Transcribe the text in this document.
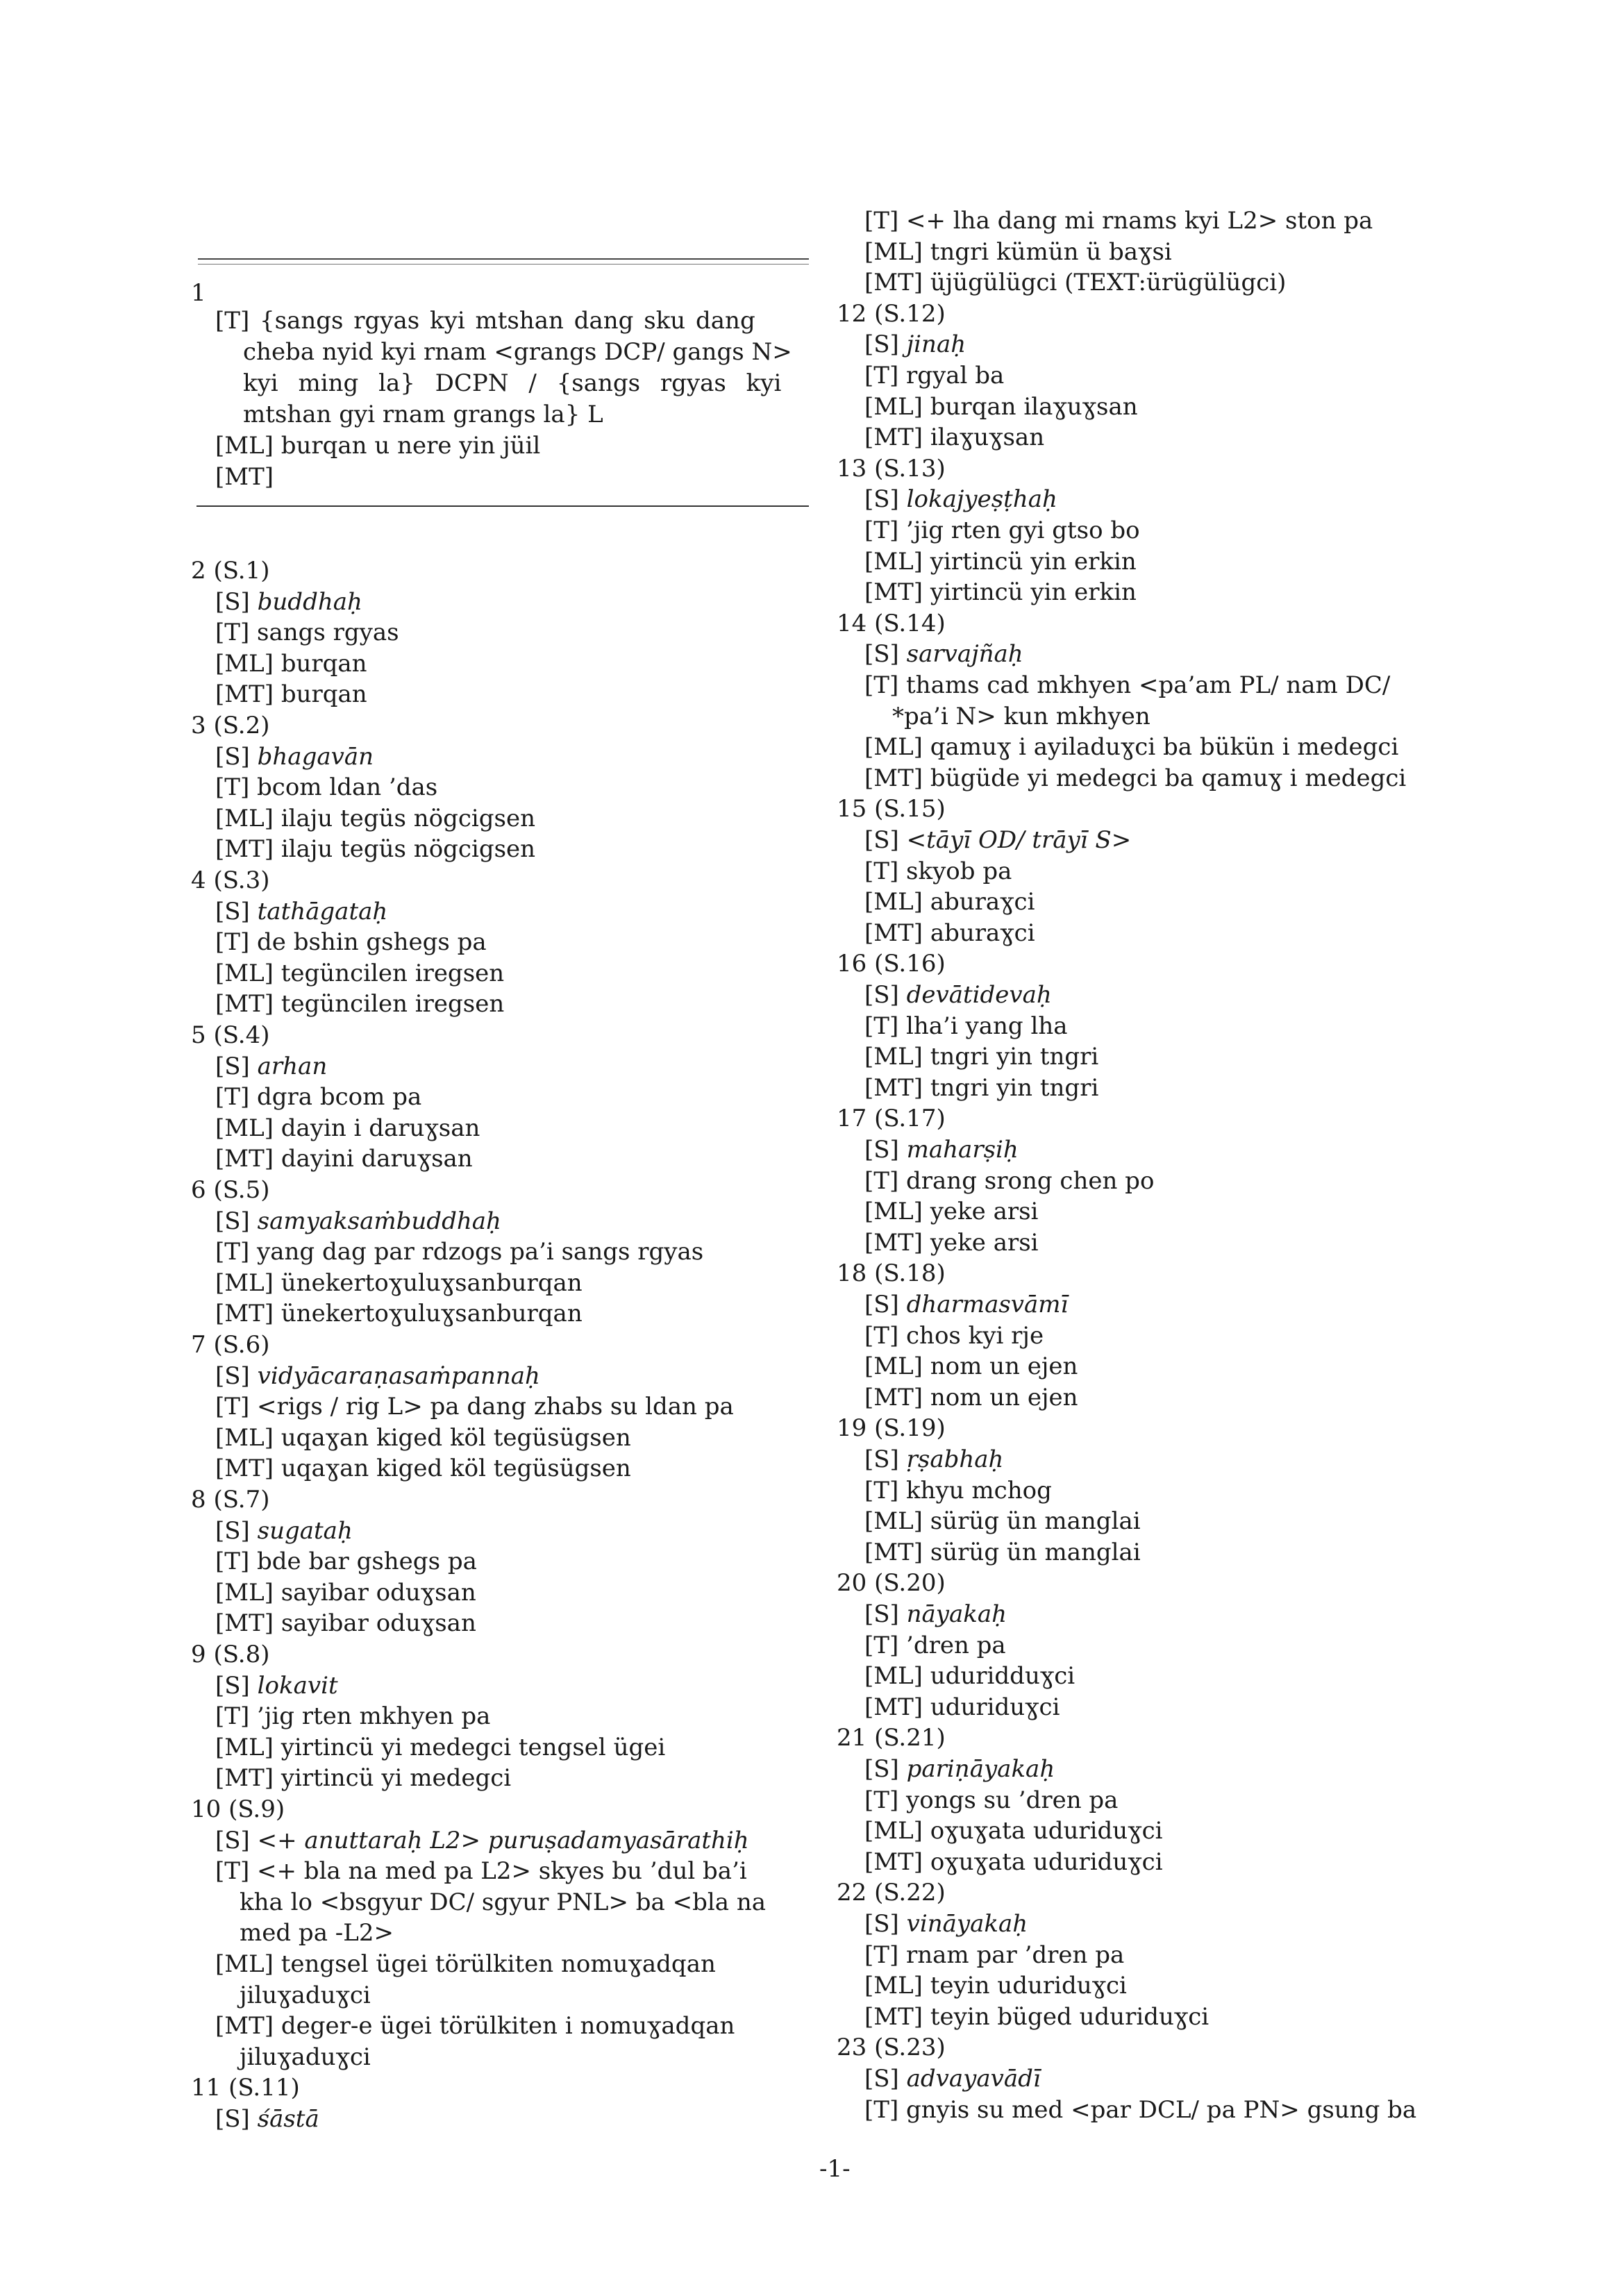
1
[T] {sangs rgyas kyi mtshan dang sku dang
cheba nyid kyi rnam <grangs DCP/ gangs N>
kyi ming la} DCPN / {sangs rgyas kyi
mtshan gyi rnam grangs la} L
[ML] burqan u nere yin jüil
[MT]
2 (S.1)
[S] buddhaḥ
[T] sangs rgyas
[ML] burqan
[MT] burqan
3 (S.2)
[S] bhagavān
[T] bcom ldan ’das
[ML] ilaju tegüs nögcigsen
[MT] ilaju tegüs nögcigsen
4 (S.3)
[S] tathāgataḥ
[T] de bshin gshegs pa
[ML] tegüncilen iregsen
[MT] tegüncilen iregsen
5 (S.4)
[S] arhan
[T] dgra bcom pa
[ML] dayin i daruɣsan
[MT] dayini daruɣsan
6 (S.5)
[S] samyaksaṁbuddhaḥ
[T] yang dag par rdzogs pa’i sangs rgyas
[ML] ünekertoɣuluɣsanburqan
[MT] ünekertoɣuluɣsanburqan
7 (S.6)
[S] vidyācaraṇasaṁpannaḥ
[T] <rigs / rig L> pa dang zhabs su ldan pa
[ML] uqaɣan kiged köl tegüsügsen
[MT] uqaɣan kiged köl tegüsügsen
8 (S.7)
[S] sugataḥ
[T] bde bar gshegs pa
[ML] sayibar oduɣsan
[MT] sayibar oduɣsan
9 (S.8)
[S] lokavit
[T] ’jig rten mkhyen pa
[ML] yirtincü yi medegci tengsel ügei
[MT] yirtincü yi medegci
10 (S.9)
[S] <+ anuttaraḥ L2> puruṣadamyasārathiḥ
[T] <+ bla na med pa L2> skyes bu ’dul ba’i
kha lo <bsgyur DC/ sgyur PNL> ba <bla na
med pa -L2>
[ML] tengsel ügei törülkiten nomuɣadqan
jiluɣaduɣci
[MT] deger-e ügei törülkiten i nomuɣadqan
jiluɣaduɣci
11 (S.11)
[S] śāstā
[T] <+ lha dang mi rnams kyi L2> ston pa
[ML] tngri kümün ü baɣsi
[MT] üjügülügci (TEXT:ürügülügci)
12 (S.12)
[S] jinaḥ
[T] rgyal ba
[ML] burqan ilaɣuɣsan
[MT] ilaɣuɣsan
13 (S.13)
[S] lokajyeṣṭhaḥ
[T] ’jig rten gyi gtso bo
[ML] yirtincü yin erkin
[MT] yirtincü yin erkin
14 (S.14)
[S] sarvajñaḥ
[T] thams cad mkhyen <pa’am PL/ nam DC/
*pa’i N> kun mkhyen
[ML] qamuɣ i ayiladuɣci ba bükün i medegci
[MT] bügüde yi medegci ba qamuɣ i medegci
15 (S.15)
[S] <tāyī OD/ trāyī S>
[T] skyob pa
[ML] aburaɣci
[MT] aburaɣci
16 (S.16)
[S] devātidevaḥ
[T] lha’i yang lha
[ML] tngri yin tngri
[MT] tngri yin tngri
17 (S.17)
[S] maharṣiḥ
[T] drang srong chen po
[ML] yeke arsi
[MT] yeke arsi
18 (S.18)
[S] dharmasvāmī
[T] chos kyi rje
[ML] nom un ejen
[MT] nom un ejen
19 (S.19)
[S] ṛṣabhaḥ
[T] khyu mchog
[ML] sürüg ün manglai
[MT] sürüg ün manglai
20 (S.20)
[S] nāyakaḥ
[T] ’dren pa
[ML] uduridduɣci
[MT] uduriduɣci
21 (S.21)
[S] pariṇāyakaḥ
[T] yongs su ’dren pa
[ML] oɣuɣata uduriduɣci
[MT] oɣuɣata uduriduɣci
22 (S.22)
[S] vināyakaḥ
[T] rnam par ’dren pa
[ML] teyin uduriduɣci
[MT] teyin büged uduriduɣci
23 (S.23)
[S] advayavādī
[T] gnyis su med <par DCL/ pa PN> gsung ba
-1-
